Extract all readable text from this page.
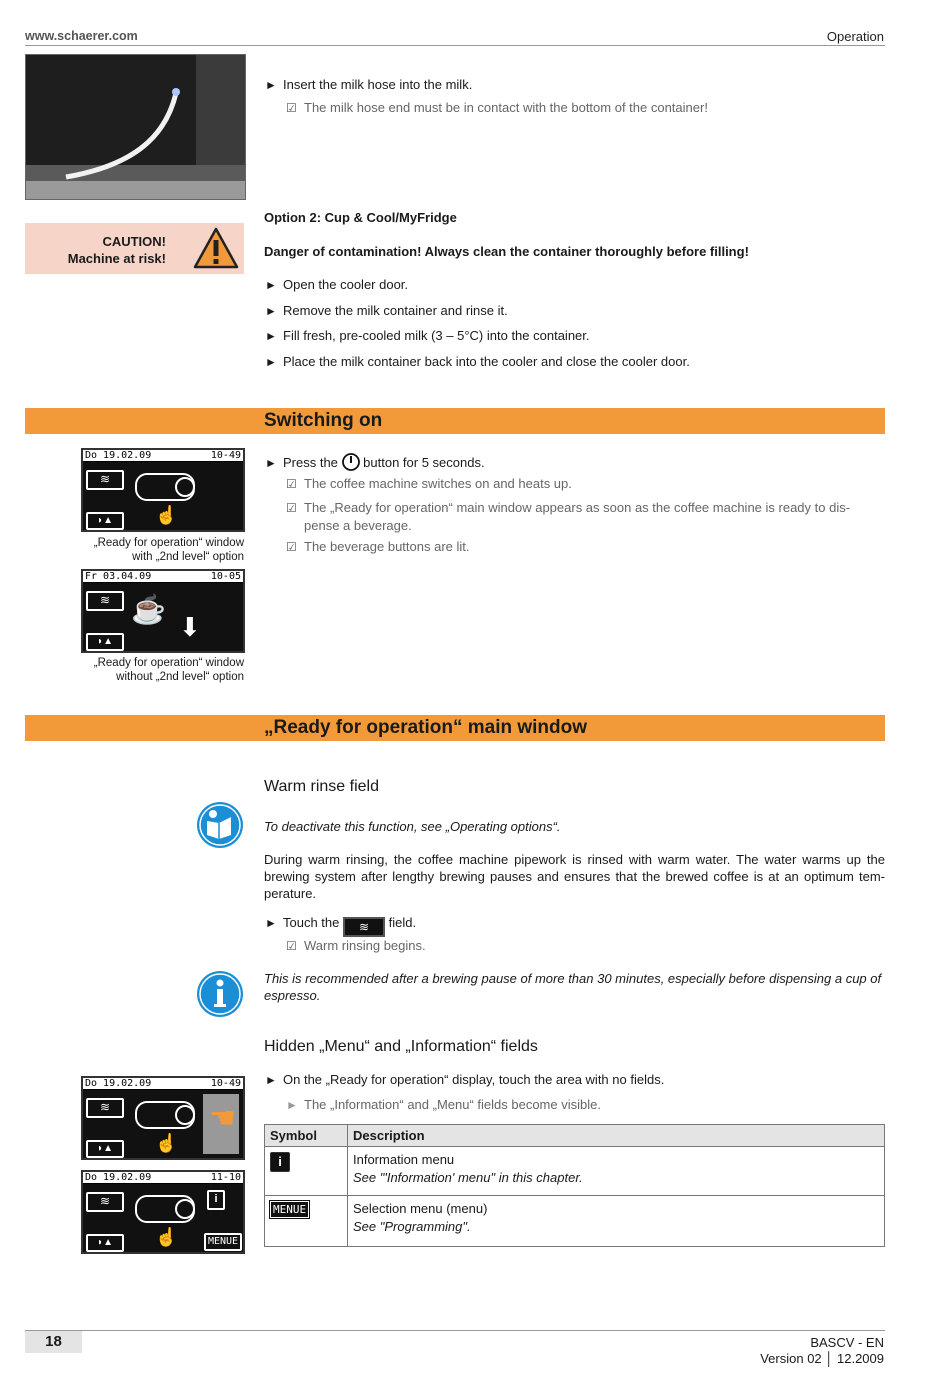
www.schaerer.com	Operation
► Insert the milk hose into the milk.
☑ The milk hose end must be in contact with the bottom of the container!
CAUTION!
Machine at risk!
Option 2: Cup & Cool/MyFridge
Danger of contamination! Always clean the container thoroughly before filling!
► Open the cooler door.
► Remove the milk container and rinse it.
► Fill fresh, pre-cooled milk (3 – 5°C) into the container.
► Place the milk container back into the cooler and close the cooler door.
Switching on
Do 19.02.09	10-49
≋
◗▲	☝
„Ready for operation“ window
with „2nd level“ option
Fr 03.04.09	10-05
≋ ☕
⬇
◗▲
„Ready for operation“ window
without „2nd level“ option
► Press the button for 5 seconds.
☑ The coffee machine switches on and heats up.
☑ The „Ready for operation“ main window appears as soon as the coffee machine is ready to dis-
pense a beverage.
☑ The beverage buttons are lit.
„Ready for operation“ main window
Warm rinse field
To deactivate this function, see „Operating options“.
During warm rinsing, the coffee machine pipework is rinsed with warm water. The water warms up the brewing system after lengthy brewing pauses and ensures that the brewed coffee is at an optimum tem-perature.
► Touch the ≋ field.
☑ Warm rinsing begins.
This is recommended after a brewing pause of more than 30 minutes, especially before dispensing a cup of espresso.
Hidden „Menu“ and „Information“ fields
► On the „Ready for operation“ display, touch the area with no fields.
► The „Information“ and „Menu“ fields become visible.
Do 19.02.09	10-49
≋	☚
◗▲	☝
Do 19.02.09	11-10
≋	i
◗▲	☝	MENUE
Symbol	Description
i	Information menu
See "'Information' menu" in this chapter.

MENUE	Selection menu (menu)
See "Programming".
18	BASCV - EN
Version 02 │ 12.2009
